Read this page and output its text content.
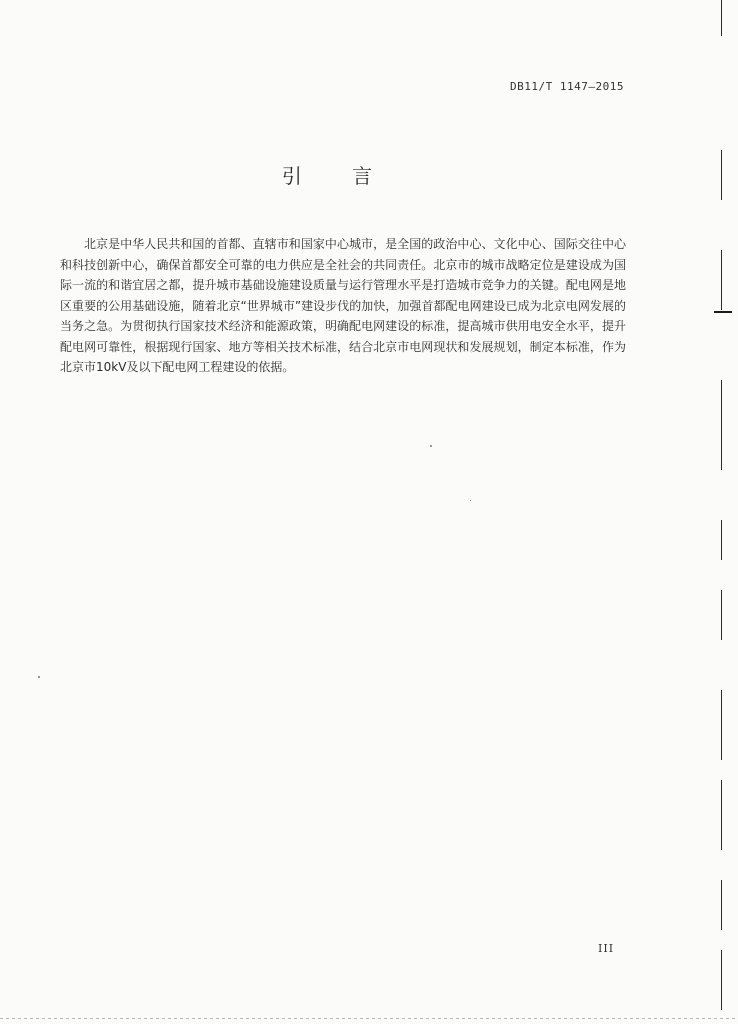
DB11/T 1147—2015
引 言

北京是中华人民共和国的首都、直辖市和国家中心城市，是全国的政治中心、文化中心、国际交往中心和科技创新中心，确保首都安全可靠的电力供应是全社会的共同责任。北京市的城市战略定位是建设成为国际一流的和谐宜居之都，提升城市基础设施建设质量与运行管理水平是打造城市竞争力的关键。配电网是地区重要的公用基础设施，随着北京“世界城市”建设步伐的加快，加强首都配电网建设已成为北京电网发展的当务之急。为贯彻执行国家技术经济和能源政策，明确配电网建设的标准，提高城市供用电安全水平，提升配电网可靠性，根据现行国家、地方等相关技术标准，结合北京市电网现状和发展规划，制定本标准，作为北京市10kV及以下配电网工程建设的依据。

III
